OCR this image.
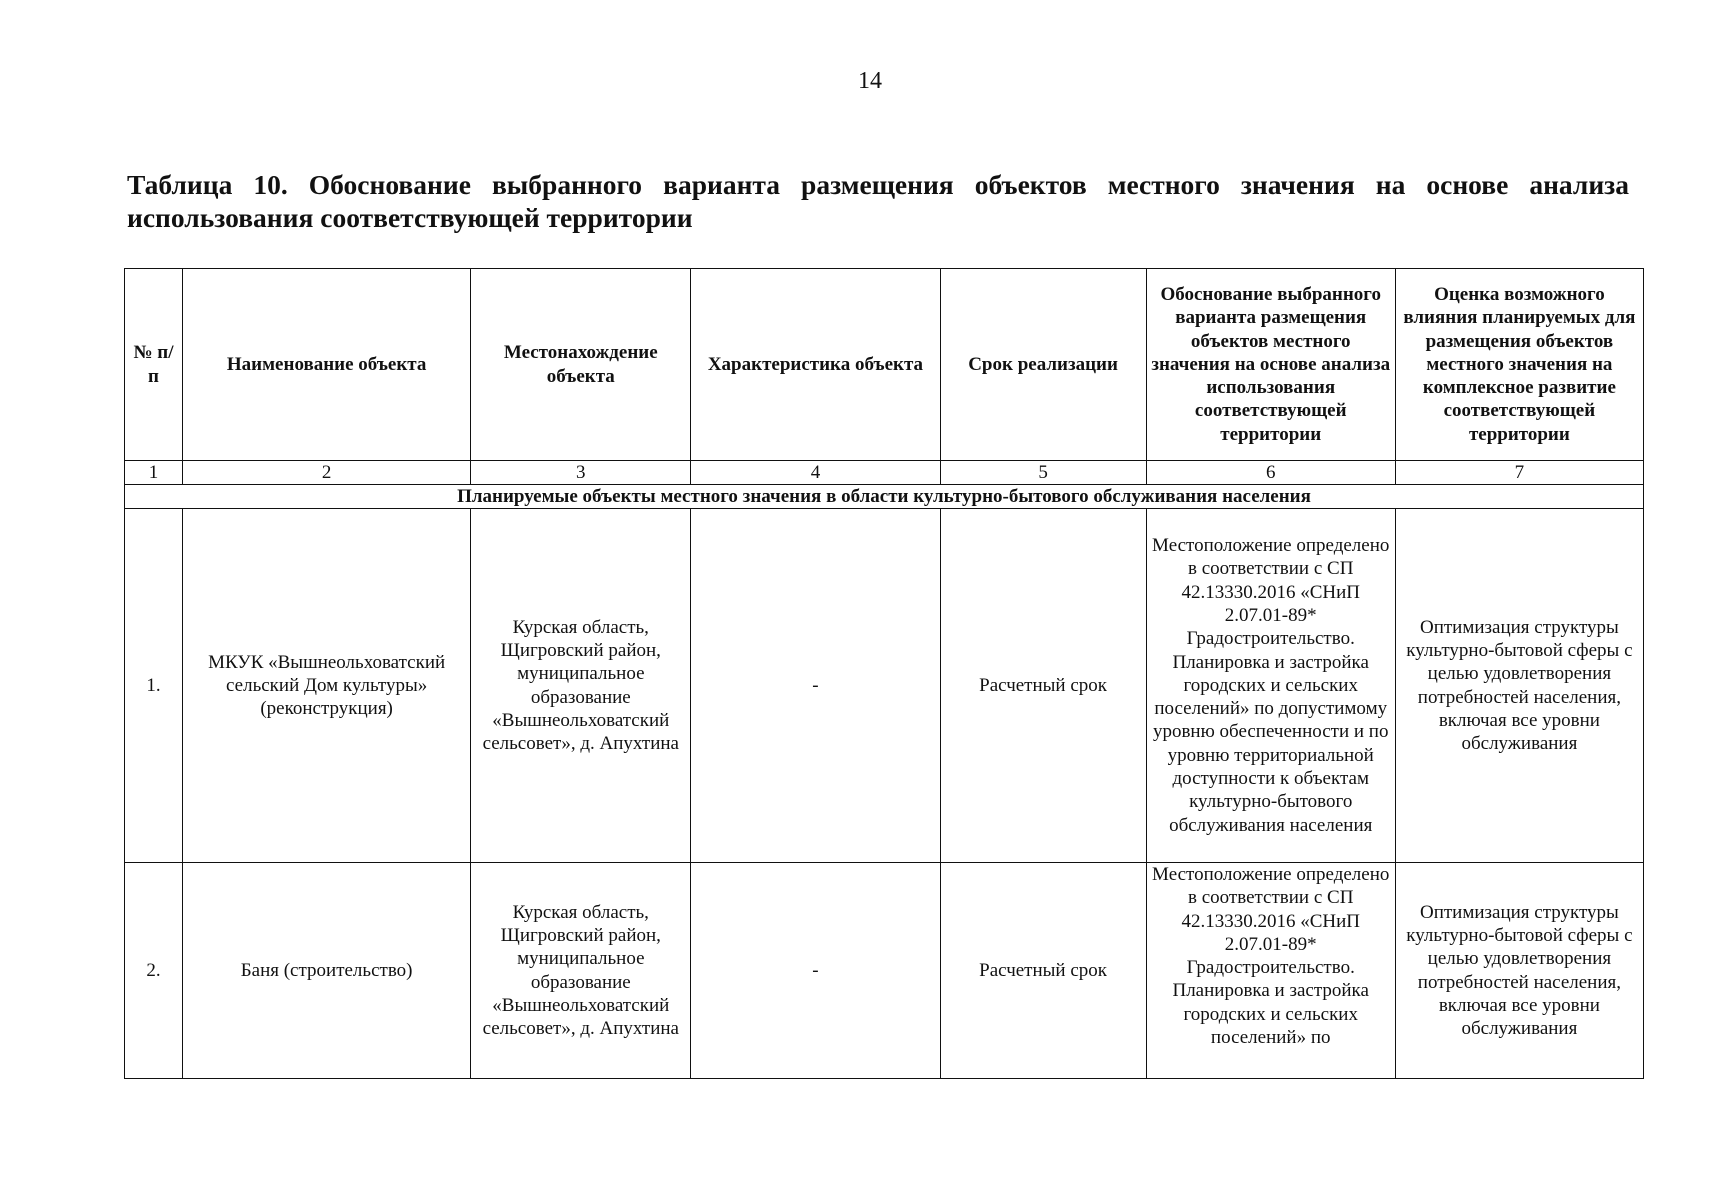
14

Таблица 10. Обоснование выбранного варианта размещения объектов местного значения на основе анализа использования соответствующей территории

№ п/п	Наименование объекта	Местонахождение объекта	Характеристика объекта	Срок реализации	Обоснование выбранного варианта размещения объектов местного значения на основе анализа использования соответствующей территории	Оценка возможного влияния планируемых для размещения объектов местного значения на комплексное развитие соответствующей территории
1	2	3	4	5	6	7
Планируемые объекты местного значения в области культурно-бытового обслуживания населения						
1.	МКУК «Вышнеольховатский сельский Дом культуры» (реконструкция)	Курская область, Щигровский район, муниципальное образование «Вышнеольховатский сельсовет», д. Апухтина	-	Расчетный срок	Местоположение определено в соответствии с СП 42.13330.2016 «СНиП 2.07.01-89* Градостроительство. Планировка и застройка городских и сельских поселений» по допустимому уровню обеспеченности и по уровню территориальной доступности к объектам культурно-бытового обслуживания населения	Оптимизация структуры культурно-бытовой сферы с целью удовлетворения потребностей населения, включая все уровни обслуживания
2.	Баня (строительство)	Курская область, Щигровский район, муниципальное образование «Вышнеольховатский сельсовет», д. Апухтина	-	Расчетный срок	Местоположение определено в соответствии с СП 42.13330.2016 «СНиП 2.07.01-89* Градостроительство. Планировка и застройка городских и сельских поселений» по	Оптимизация структуры культурно-бытовой сферы с целью удовлетворения потребностей населения, включая все уровни обслуживания
